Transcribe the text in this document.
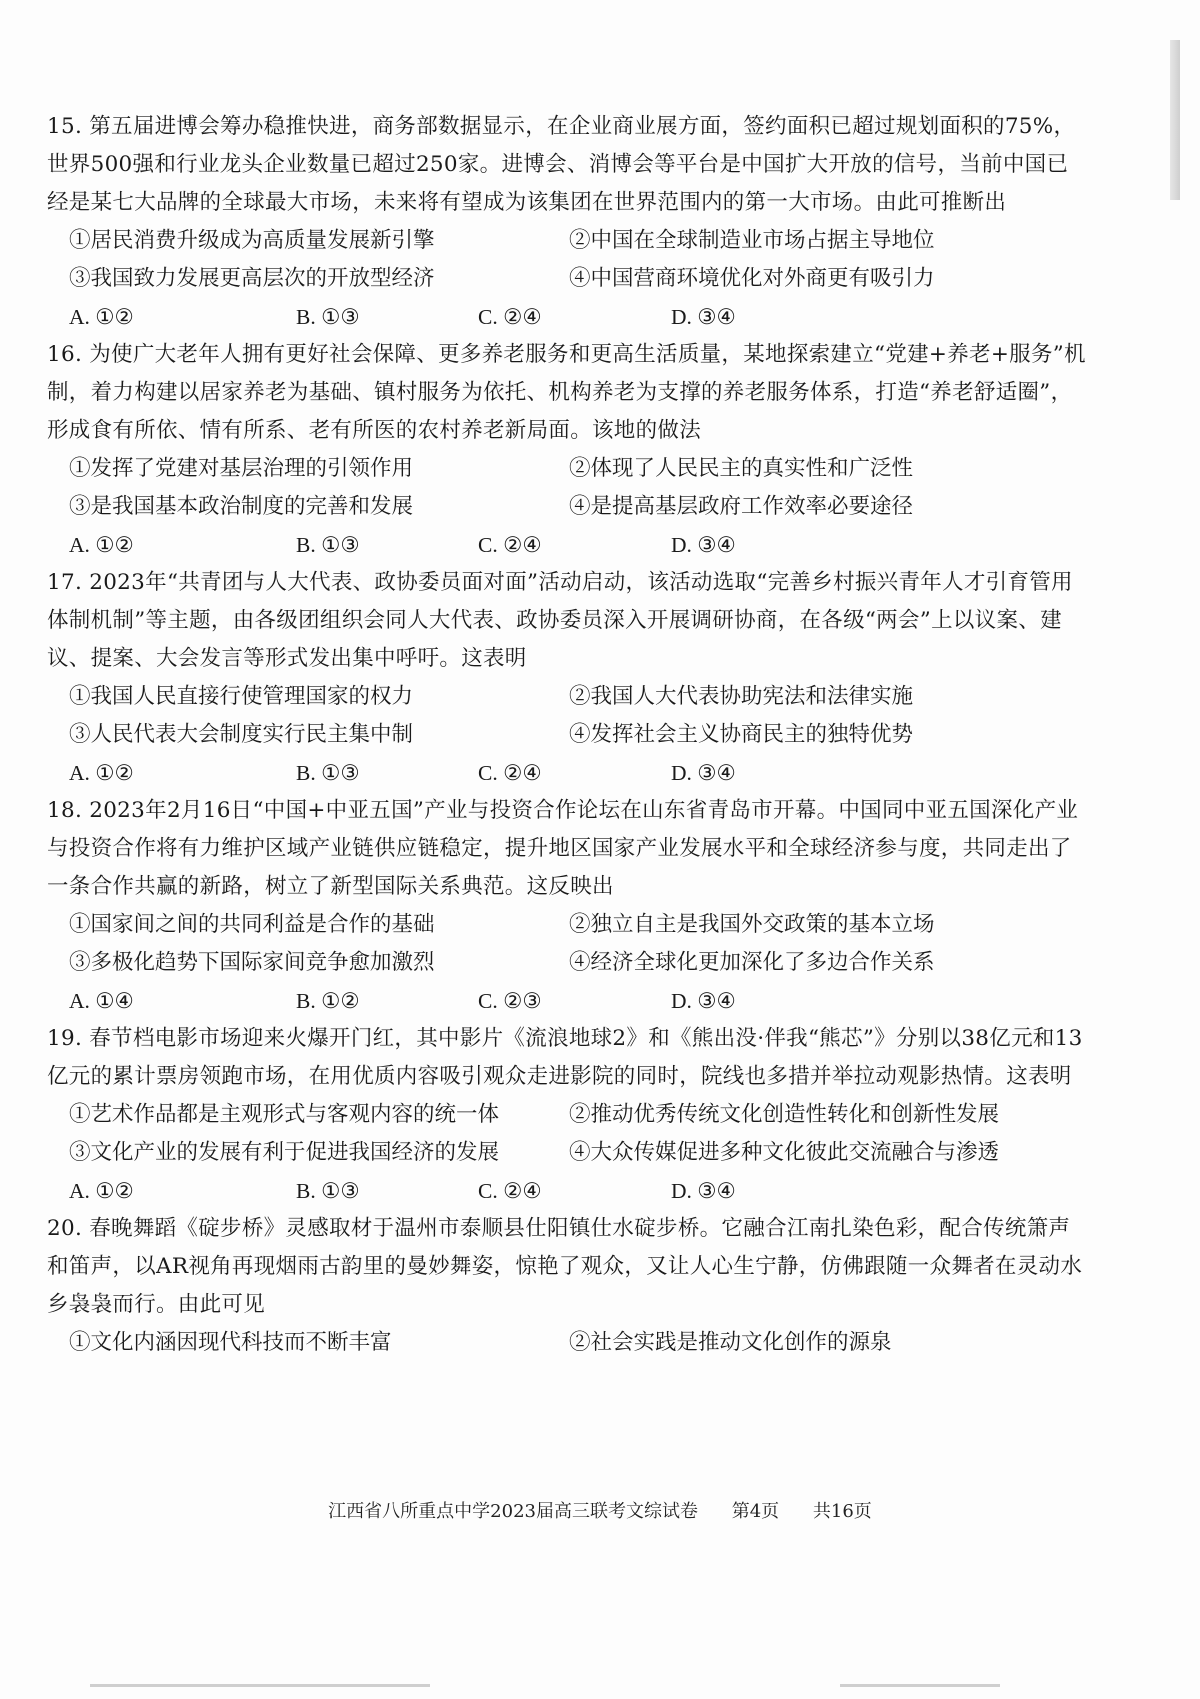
15. 第五届进博会筹办稳推快进，商务部数据显示，在企业商业展方面，签约面积已超过规划面积的75%，世界500强和行业龙头企业数量已超过250家。进博会、消博会等平台是中国扩大开放的信号，当前中国已经是某七大品牌的全球最大市场，未来将有望成为该集团在世界范围内的第一大市场。由此可推断出

①居民消费升级成为高质量发展新引擎	②中国在全球制造业市场占据主导地位
③我国致力发展更高层次的开放型经济	④中国营商环境优化对外商更有吸引力
A. ①②	B. ①③	C. ②④	D. ③④

16. 为使广大老年人拥有更好社会保障、更多养老服务和更高生活质量，某地探索建立“党建+养老+服务”机制，着力构建以居家养老为基础、镇村服务为依托、机构养老为支撑的养老服务体系，打造“养老舒适圈”，形成食有所依、情有所系、老有所医的农村养老新局面。该地的做法

①发挥了党建对基层治理的引领作用	②体现了人民民主的真实性和广泛性
③是我国基本政治制度的完善和发展	④是提高基层政府工作效率必要途径
A. ①②	B. ①③	C. ②④	D. ③④

17. 2023年“共青团与人大代表、政协委员面对面”活动启动，该活动选取“完善乡村振兴青年人才引育管用体制机制”等主题，由各级团组织会同人大代表、政协委员深入开展调研协商，在各级“两会”上以议案、建议、提案、大会发言等形式发出集中呼吁。这表明

①我国人民直接行使管理国家的权力	②我国人大代表协助宪法和法律实施
③人民代表大会制度实行民主集中制	④发挥社会主义协商民主的独特优势
A. ①②	B. ①③	C. ②④	D. ③④

18. 2023年2月16日“中国+中亚五国”产业与投资合作论坛在山东省青岛市开幕。中国同中亚五国深化产业与投资合作将有力维护区域产业链供应链稳定，提升地区国家产业发展水平和全球经济参与度，共同走出了一条合作共赢的新路，树立了新型国际关系典范。这反映出

①国家间之间的共同利益是合作的基础	②独立自主是我国外交政策的基本立场
③多极化趋势下国际家间竞争愈加激烈	④经济全球化更加深化了多边合作关系
A. ①④	B. ①②	C. ②③	D. ③④

19. 春节档电影市场迎来火爆开门红，其中影片《流浪地球2》和《熊出没·伴我“熊芯”》分别以38亿元和13亿元的累计票房领跑市场，在用优质内容吸引观众走进影院的同时，院线也多措并举拉动观影热情。这表明

①艺术作品都是主观形式与客观内容的统一体	②推动优秀传统文化创造性转化和创新性发展
③文化产业的发展有利于促进我国经济的发展	④大众传媒促进多种文化彼此交流融合与渗透
A. ①②	B. ①③	C. ②④	D. ③④

20. 春晚舞蹈《碇步桥》灵感取材于温州市泰顺县仕阳镇仕水碇步桥。它融合江南扎染色彩，配合传统箫声和笛声，以AR视角再现烟雨古韵里的曼妙舞姿，惊艳了观众，又让人心生宁静，仿佛跟随一众舞者在灵动水乡袅袅而行。由此可见

①文化内涵因现代科技而不断丰富	②社会实践是推动文化创作的源泉
江西省八所重点中学2023届高三联考文综试卷 第4页 共16页
